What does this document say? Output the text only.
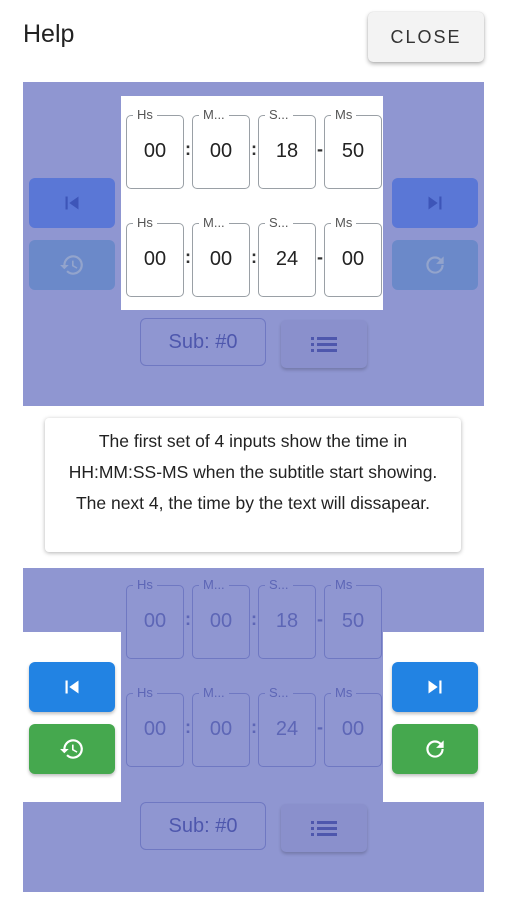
Help	CLOSE
Hs
00	:
M...
00	:
S...
18	-
Ms
50
Hs
00	:
M...
00	:
S...
24	-
Ms
00
Sub: #0
The first set of 4 inputs show the time in HH:MM:SS-MS when the subtitle start showing. The next 4, the time by the text will dissapear.
Hs
00	:
M...
00	:
S...
18	-
Ms
50
Hs
00	:
M...
00	:
S...
24	-
Ms
00
Sub: #0
